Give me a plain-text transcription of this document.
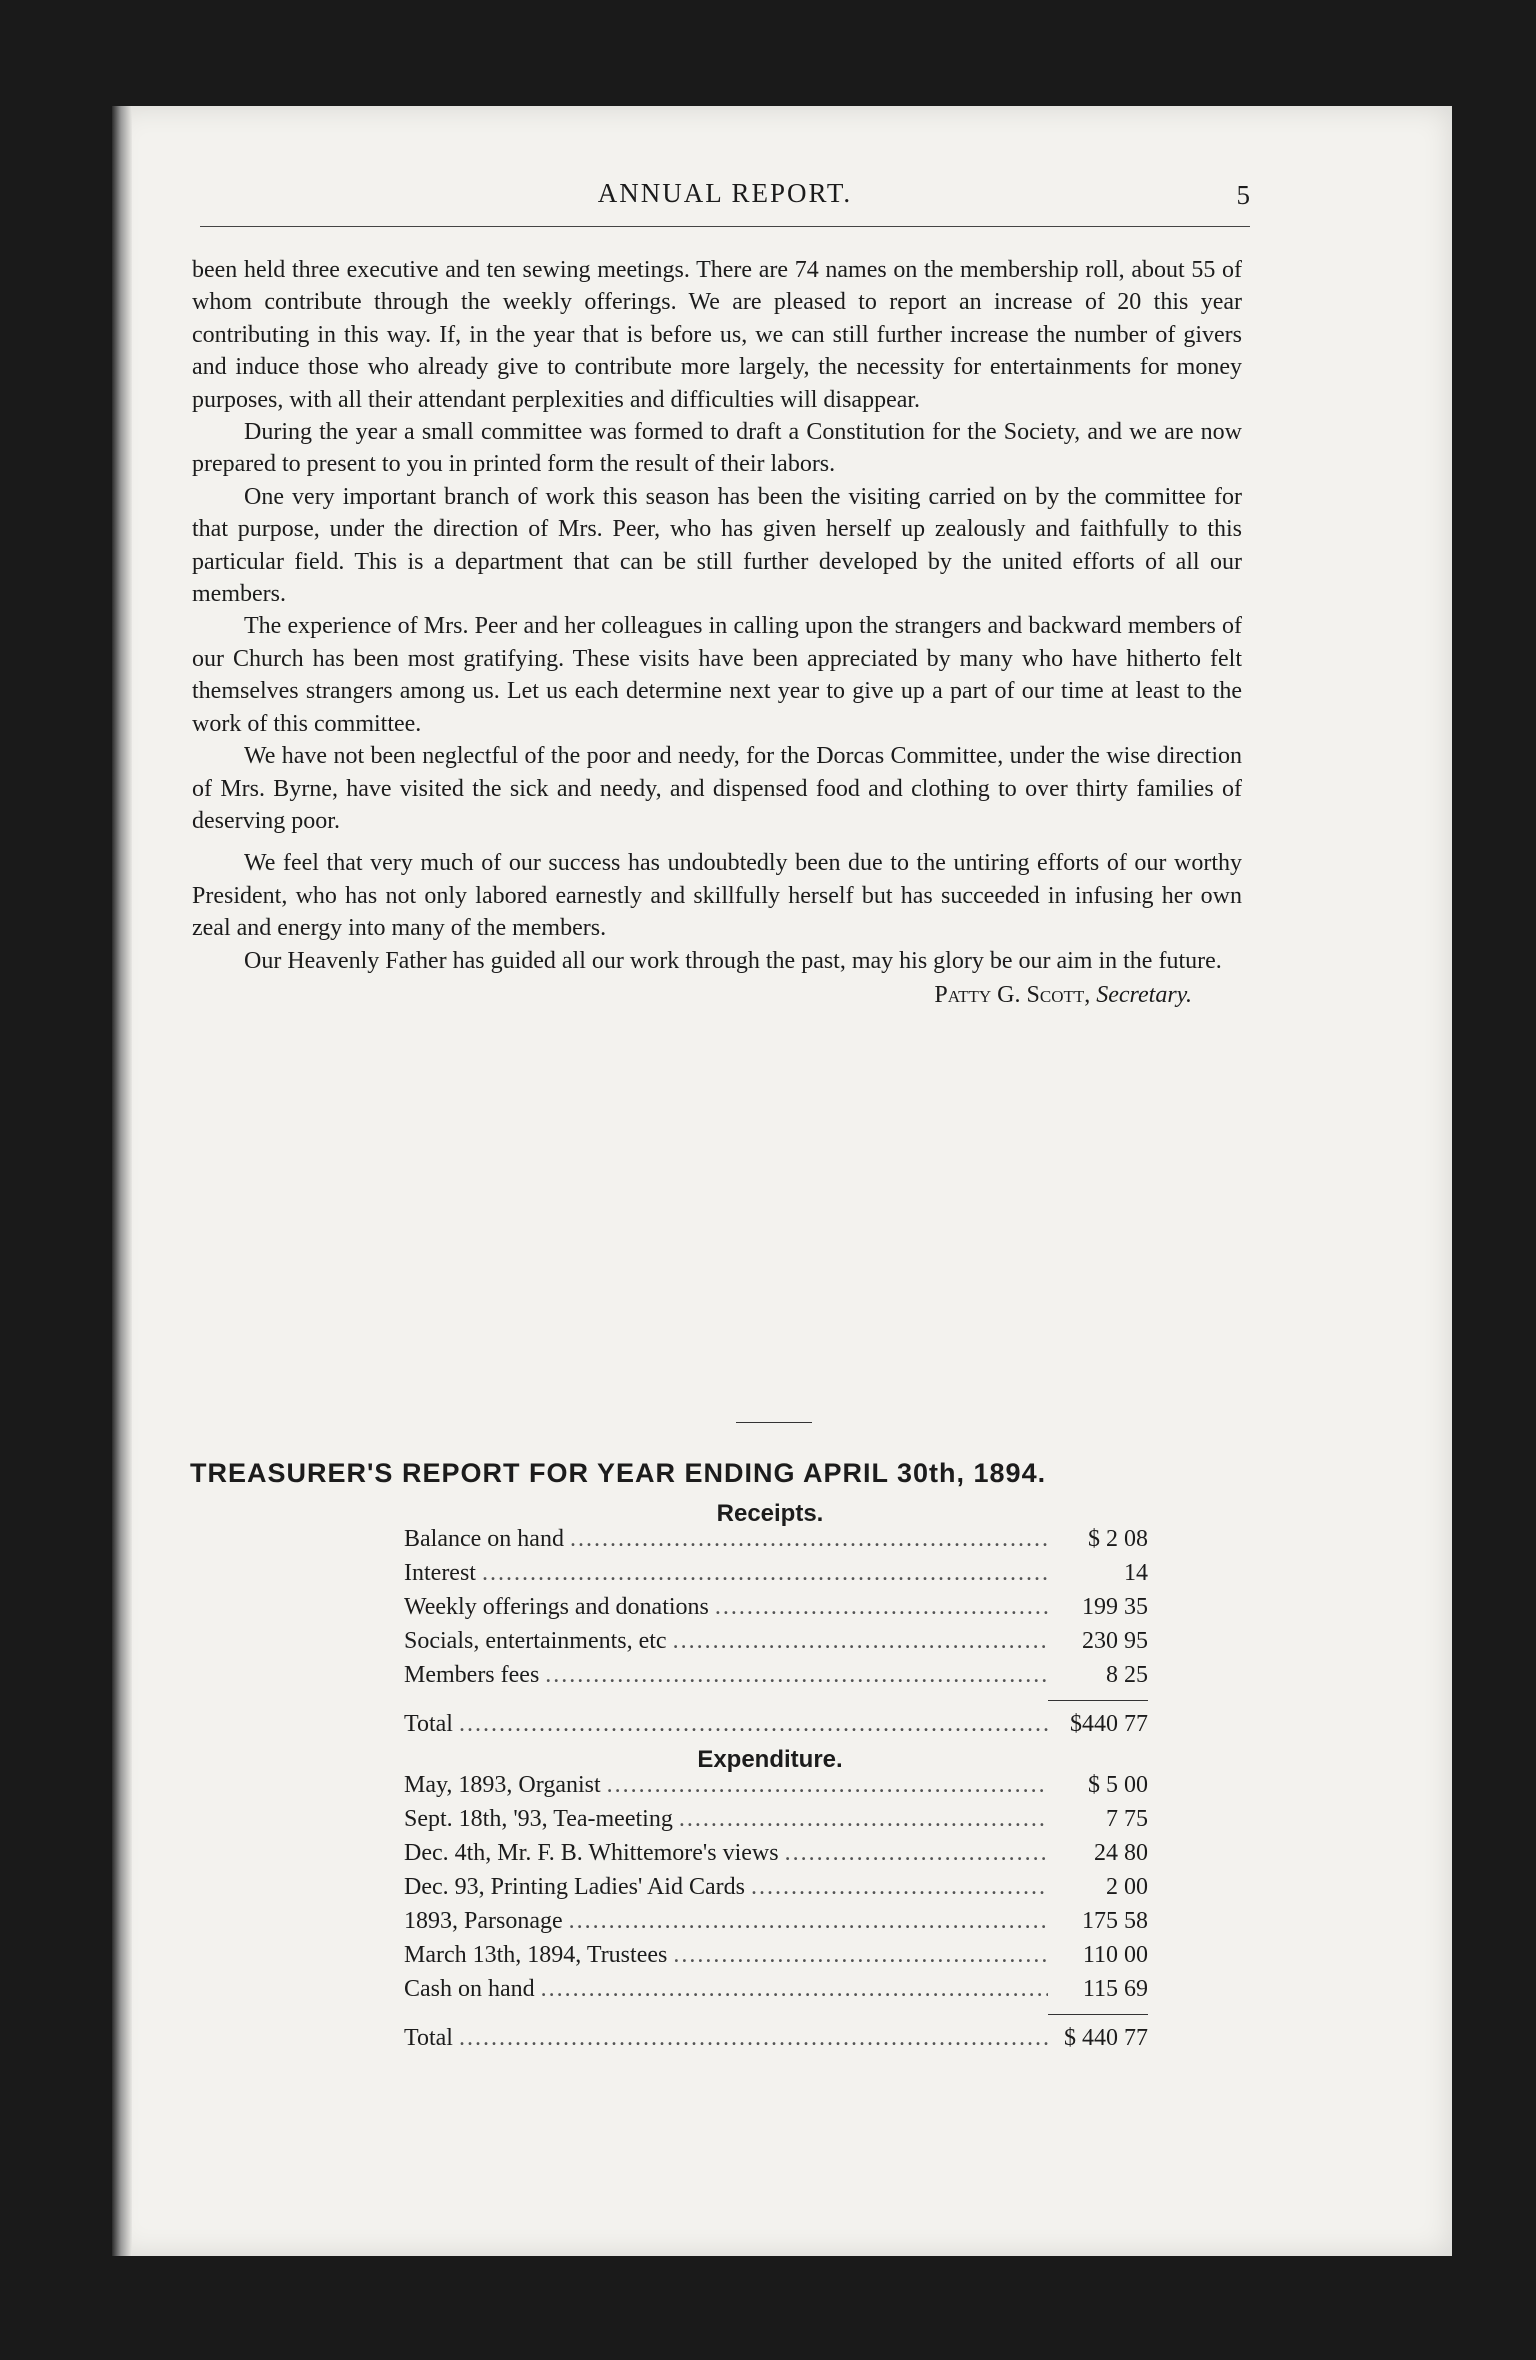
ANNUAL REPORT.	5

been held three executive and ten sewing meetings. There are 74 names on the membership roll, about 55 of whom contribute through the weekly offerings. We are pleased to report an increase of 20 this year contributing in this way. If, in the year that is before us, we can still further increase the number of givers and induce those who already give to contribute more largely, the necessity for entertainments for money purposes, with all their attendant perplexities and difficulties will disappear.

During the year a small committee was formed to draft a Constitution for the Society, and we are now prepared to present to you in printed form the result of their labors.

One very important branch of work this season has been the visiting carried on by the committee for that purpose, under the direction of Mrs. Peer, who has given herself up zealously and faithfully to this particular field. This is a department that can be still further developed by the united efforts of all our members.

The experience of Mrs. Peer and her colleagues in calling upon the strangers and backward members of our Church has been most gratifying. These visits have been appreciated by many who have hitherto felt themselves strangers among us. Let us each determine next year to give up a part of our time at least to the work of this committee.

We have not been neglectful of the poor and needy, for the Dorcas Committee, under the wise direction of Mrs. Byrne, have visited the sick and needy, and dispensed food and clothing to over thirty families of deserving poor.

We feel that very much of our success has undoubtedly been due to the untiring efforts of our worthy President, who has not only labored earnestly and skillfully herself but has succeeded in infusing her own zeal and energy into many of the members.

Our Heavenly Father has guided all our work through the past, may his glory be our aim in the future.

Patty G. Scott, Secretary.
TREASURER'S REPORT FOR YEAR ENDING APRIL 30th, 1894.
Receipts.
Balance on hand .....	$ 2 08
Interest .....	14
Weekly offerings and donations .....	199 35
Socials, entertainments, etc .....	230 95
Members fees .....	8 25
Total .....	$440 77
Expenditure.
May, 1893, Organist .....	$ 5 00
Sept. 18th, '93, Tea-meeting .....	7 75
Dec. 4th, Mr. F. B. Whittemore's views .....	24 80
Dec. 93, Printing Ladies' Aid Cards .....	2 00
1893, Parsonage .....	175 58
March 13th, 1894, Trustees .....	110 00
Cash on hand .....	115 69
Total .....	$ 440 77
